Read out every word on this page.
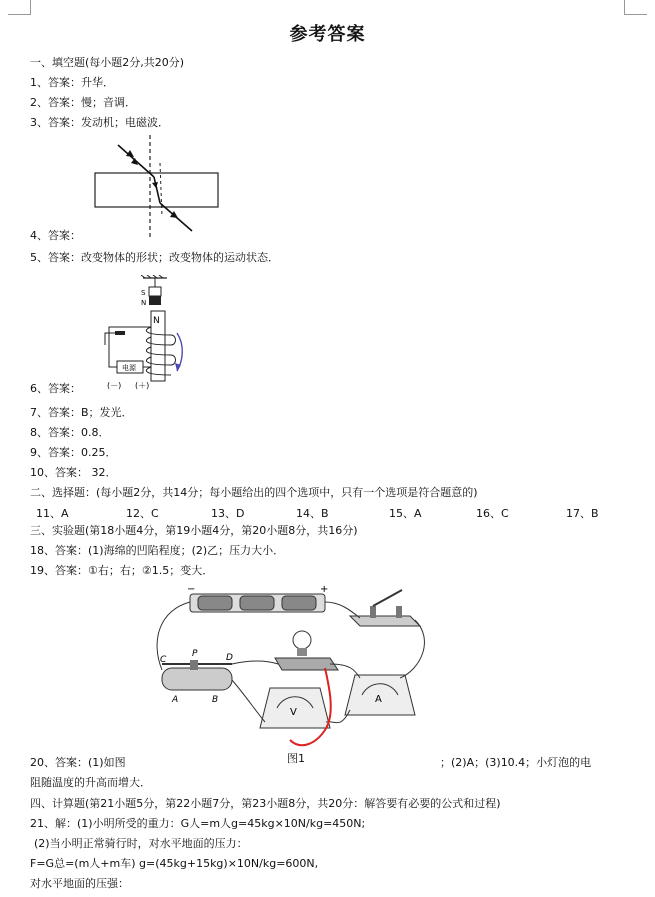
参考答案
一、填空题(每小题2分,共20分)
1、答案：升华．
2、答案：慢；音调．
3、答案：发动机；电磁波．
4、答案：
5、答案：改变物体的形状；改变物体的运动状态．
S
N
N
电源
(－) (＋)
6、答案：
7、答案：B；发光．
8、答案：0.8．
9、答案：0.25．
10、答案： 32．
二、选择题：(每小题2分，共14分；每小题给出的四个选项中，只有一个选项是符合题意的)
11、A	12、C	13、D	14、B	15、A	16、C	17、B
三、实验题(第18小题4分，第19小题4分，第20小题8分，共16分)
18、答案：(1)海绵的凹陷程度；(2)乙；压力大小．
19、答案：①右；右；②1.5；变大．
−	+
A
V
C
P	D
A	B
20、答案：(1)如图	图1	；(2)A；(3)10.4；小灯泡的电
阻随温度的升高而增大．
四、计算题(第21小题5分，第22小题7分，第23小题8分，共20分：解答要有必要的公式和过程)
21、解：(1)小明所受的重力：G人=m人g=45kg×10N/kg=450N;
(2)当小明正常骑行时，对水平地面的压力：
F=G总=(m人+m车) g=(45kg+15kg)×10N/kg=600N,
对水平地面的压强：
